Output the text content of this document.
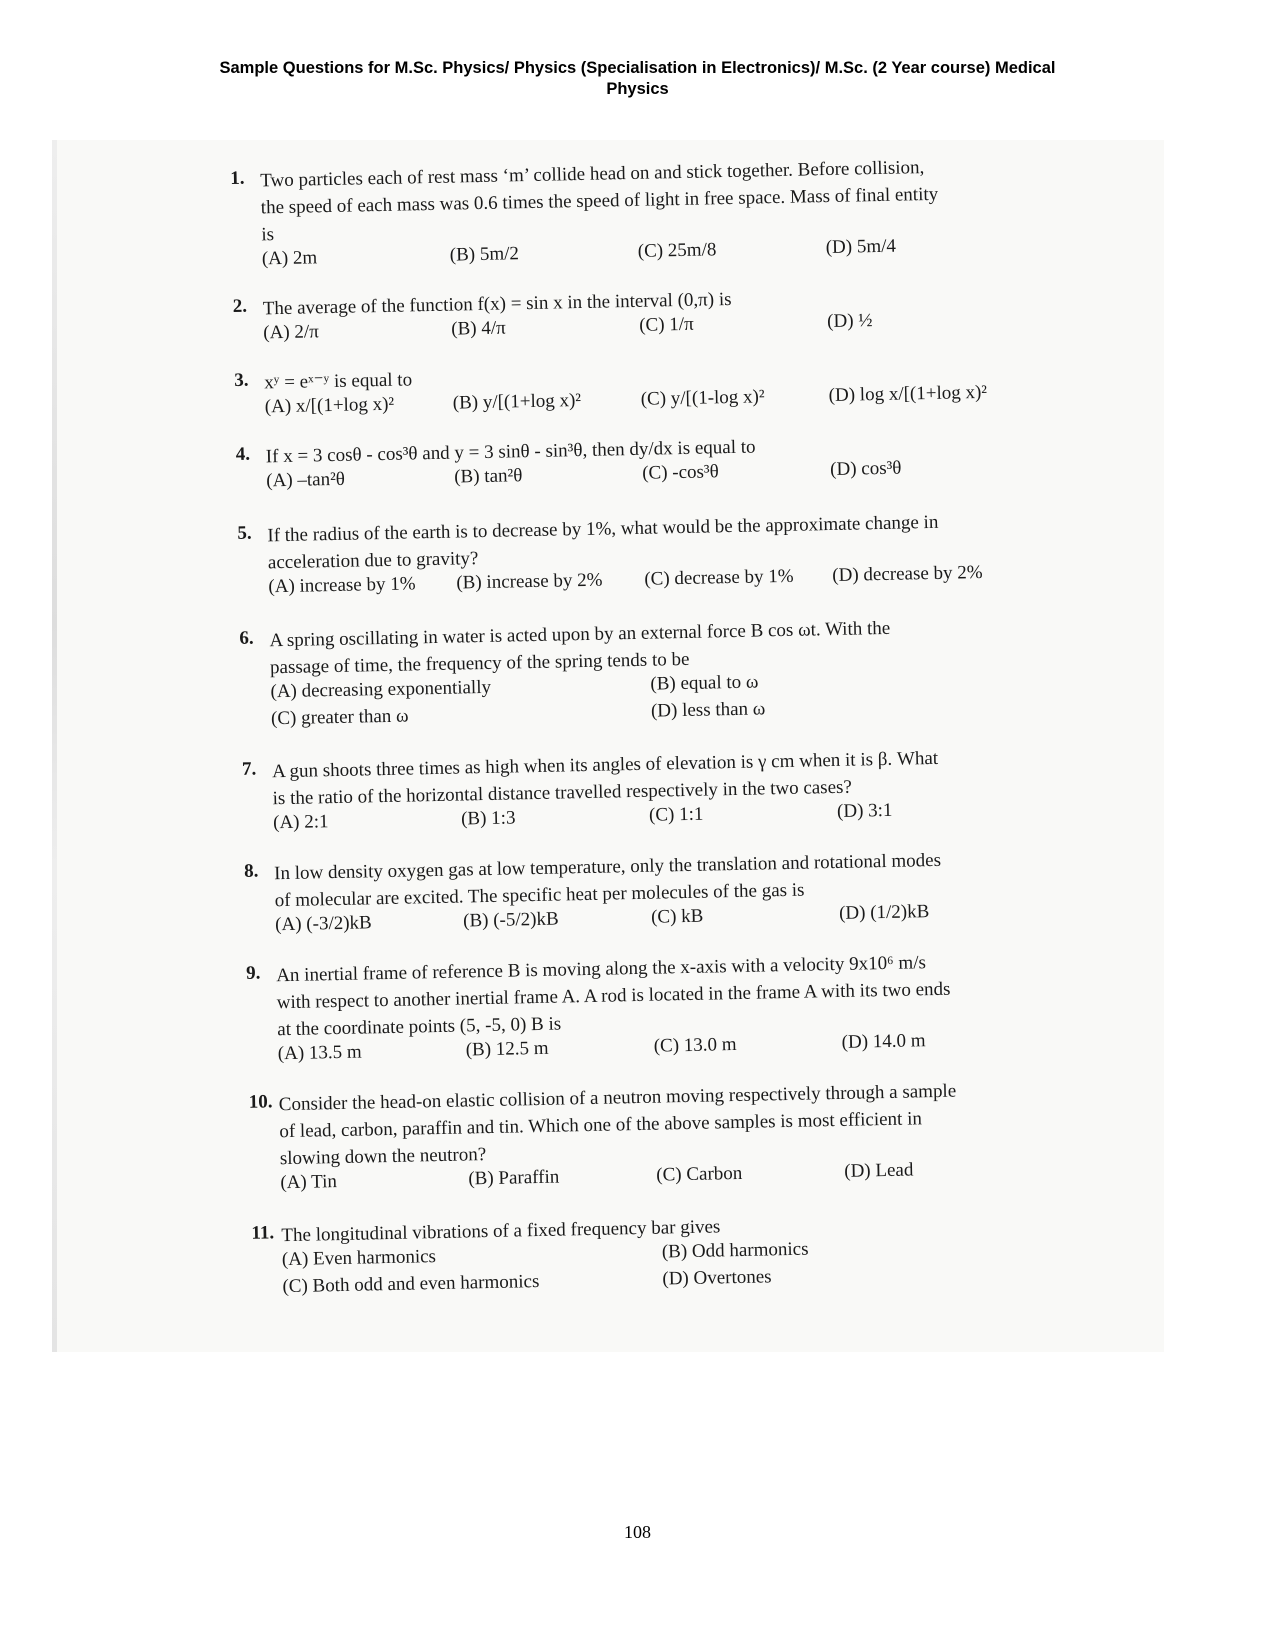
Sample Questions for M.Sc. Physics/ Physics (Specialisation in Electronics)/ M.Sc. (2 Year course) Medical
Physics
1. Two particles each of rest mass ‘m’ collide head on and stick together. Before collision,
the speed of each mass was 0.6 times the speed of light in free space. Mass of final entity
is
(A) 2m	(B) 5m/2	(C) 25m/8	(D) 5m/4
2. The average of the function f(x) = sin x in the interval (0,π) is
(A) 2/π	(B) 4/π	(C) 1/π	(D) ½
3. xʸ = eˣ⁻ʸ is equal to
(A) x/[(1+log x)²	(B) y/[(1+log x)²	(C) y/[(1-log x)²	(D) log x/[(1+log x)²
4. If x = 3 cosθ - cos³θ and y = 3 sinθ - sin³θ, then dy/dx is equal to
(A) –tan²θ	(B) tan²θ	(C) -cos³θ	(D) cos³θ
5. If the radius of the earth is to decrease by 1%, what would be the approximate change in
acceleration due to gravity?
(A) increase by 1% (B) increase by 2% (C) decrease by 1% (D) decrease by 2%
6. A spring oscillating in water is acted upon by an external force B cos ωt. With the
passage of time, the frequency of the spring tends to be
(A) decreasing exponentially	(B) equal to ω
(C) greater than ω	(D) less than ω
7. A gun shoots three times as high when its angles of elevation is γ cm when it is β. What
is the ratio of the horizontal distance travelled respectively in the two cases?
(A) 2:1	(B) 1:3	(C) 1:1	(D) 3:1
8. In low density oxygen gas at low temperature, only the translation and rotational modes
of molecular are excited. The specific heat per molecules of the gas is
(A) (-3/2)kB	(B) (-5/2)kB	(C) kB	(D) (1/2)kB
9. An inertial frame of reference B is moving along the x-axis with a velocity 9x10⁶ m/s
with respect to another inertial frame A. A rod is located in the frame A with its two ends
at the coordinate points (5, -5, 0) B is
(A) 13.5 m	(B) 12.5 m	(C) 13.0 m	(D) 14.0 m
10. Consider the head-on elastic collision of a neutron moving respectively through a sample
of lead, carbon, paraffin and tin. Which one of the above samples is most efficient in
slowing down the neutron?
(A) Tin	(B) Paraffin	(C) Carbon	(D) Lead
11. The longitudinal vibrations of a fixed frequency bar gives
(A) Even harmonics	(B) Odd harmonics
(C) Both odd and even harmonics	(D) Overtones
108
